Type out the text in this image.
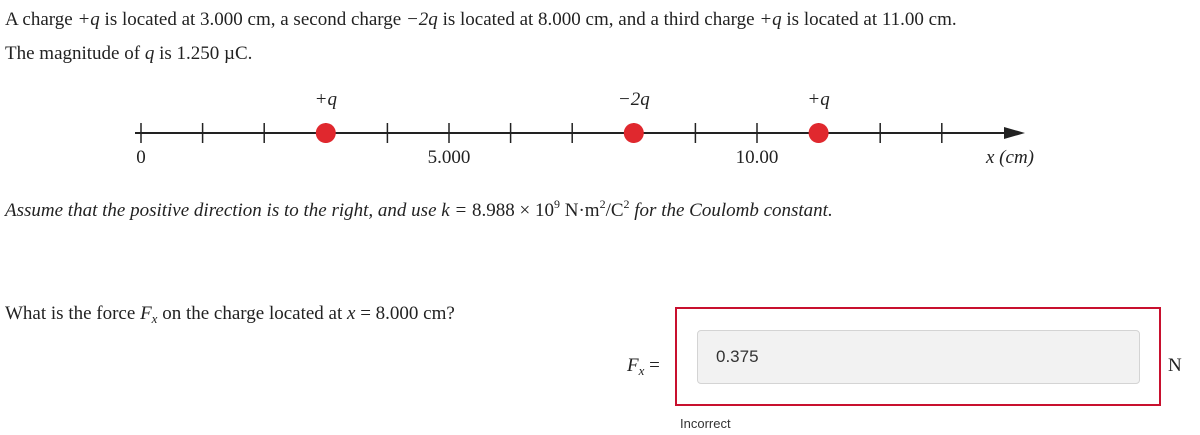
A charge +q is located at 3.000 cm, a second charge −2q is located at 8.000 cm, and a third charge +q is located at 11.00 cm.
The magnitude of q is 1.250 µC.
+q	−2q	+q
0	5.000	10.00	x (cm)
Assume that the positive direction is to the right, and use $k = 8.988 \times 10^9$ $N\cdot m^2/C^2$ for the Coulomb constant.
What is the force $F_x$ on the charge located at x = 8.000 cm?
$F_x$ =	0.375	N
Incorrect
